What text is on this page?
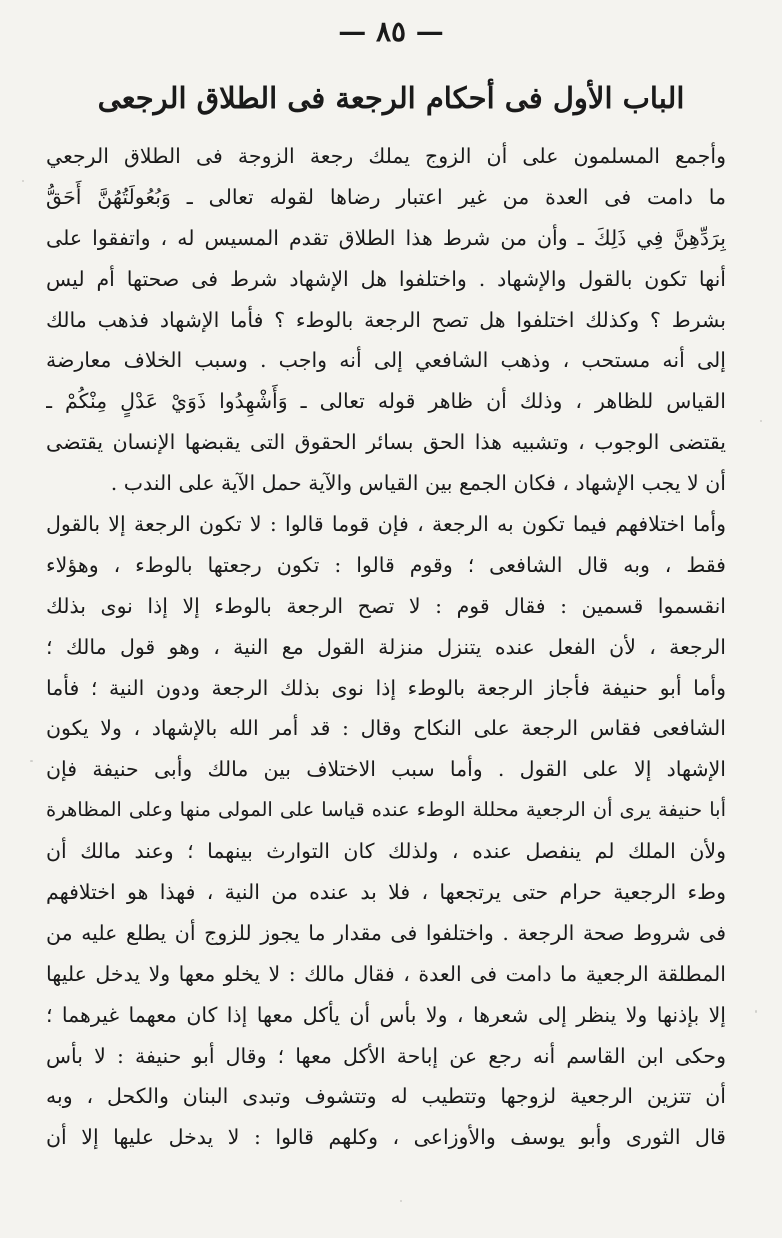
— ٨٥ —
الباب الأول فى أحكام الرجعة فى الطلاق الرجعى
وأجمع المسلمون على أن الزوج يملك رجعة الزوجة فى الطلاق الرجعي
ما دامت فى العدة من غير اعتبار رضاها لقوله تعالى ـ وَبُعُولَتُهُنَّ أَحَقُّ
بِرَدِّهِنَّ فِي ذَلِكَ ـ وأن من شرط هذا الطلاق تقدم المسيس له ، واتفقوا على
أنها تكون بالقول والإشهاد . واختلفوا هل الإشهاد شرط فى صحتها أم ليس
بشرط ؟ وكذلك اختلفوا هل تصح الرجعة بالوطء ؟ فأما الإشهاد فذهب مالك
إلى أنه مستحب ، وذهب الشافعي إلى أنه واجب . وسبب الخلاف معارضة
القياس للظاهر ، وذلك أن ظاهر قوله تعالى ـ وَأَشْهِدُوا ذَوَيْ عَدْلٍ مِنْكُمْ ـ
يقتضى الوجوب ، وتشبيه هذا الحق بسائر الحقوق التى يقبضها الإنسان يقتضى
أن لا يجب الإشهاد ، فكان الجمع بين القياس والآية حمل الآية على الندب .
وأما اختلافهم فيما تكون به الرجعة ، فإن قوما قالوا : لا تكون الرجعة إلا بالقول
فقط ، وبه قال الشافعى ؛ وقوم قالوا : تكون رجعتها بالوطء ، وهؤلاء
انقسموا قسمين : فقال قوم : لا تصح الرجعة بالوطء إلا إذا نوى بذلك
الرجعة ، لأن الفعل عنده يتنزل منزلة القول مع النية ، وهو قول مالك ؛
وأما أبو حنيفة فأجاز الرجعة بالوطء إذا نوى بذلك الرجعة ودون النية ؛ فأما
الشافعى فقاس الرجعة على النكاح وقال : قد أمر الله بالإشهاد ، ولا يكون
الإشهاد إلا على القول . وأما سبب الاختلاف بين مالك وأبى حنيفة فإن
أبا حنيفة يرى أن الرجعية محللة الوطء عنده قياسا على المولى منها وعلى المظاهرة
ولأن الملك لم ينفصل عنده ، ولذلك كان التوارث بينهما ؛ وعند مالك أن
وطء الرجعية حرام حتى يرتجعها ، فلا بد عنده من النية ، فهذا هو اختلافهم
فى شروط صحة الرجعة . واختلفوا فى مقدار ما يجوز للزوج أن يطلع عليه من
المطلقة الرجعية ما دامت فى العدة ، فقال مالك : لا يخلو معها ولا يدخل عليها
إلا بإذنها ولا ينظر إلى شعرها ، ولا بأس أن يأكل معها إذا كان معهما غيرهما ؛
وحكى ابن القاسم أنه رجع عن إباحة الأكل معها ؛ وقال أبو حنيفة : لا بأس
أن تتزين الرجعية لزوجها وتتطيب له وتتشوف وتبدى البنان والكحل ، وبه
قال الثورى وأبو يوسف والأوزاعى ، وكلهم قالوا : لا يدخل عليها إلا أن
